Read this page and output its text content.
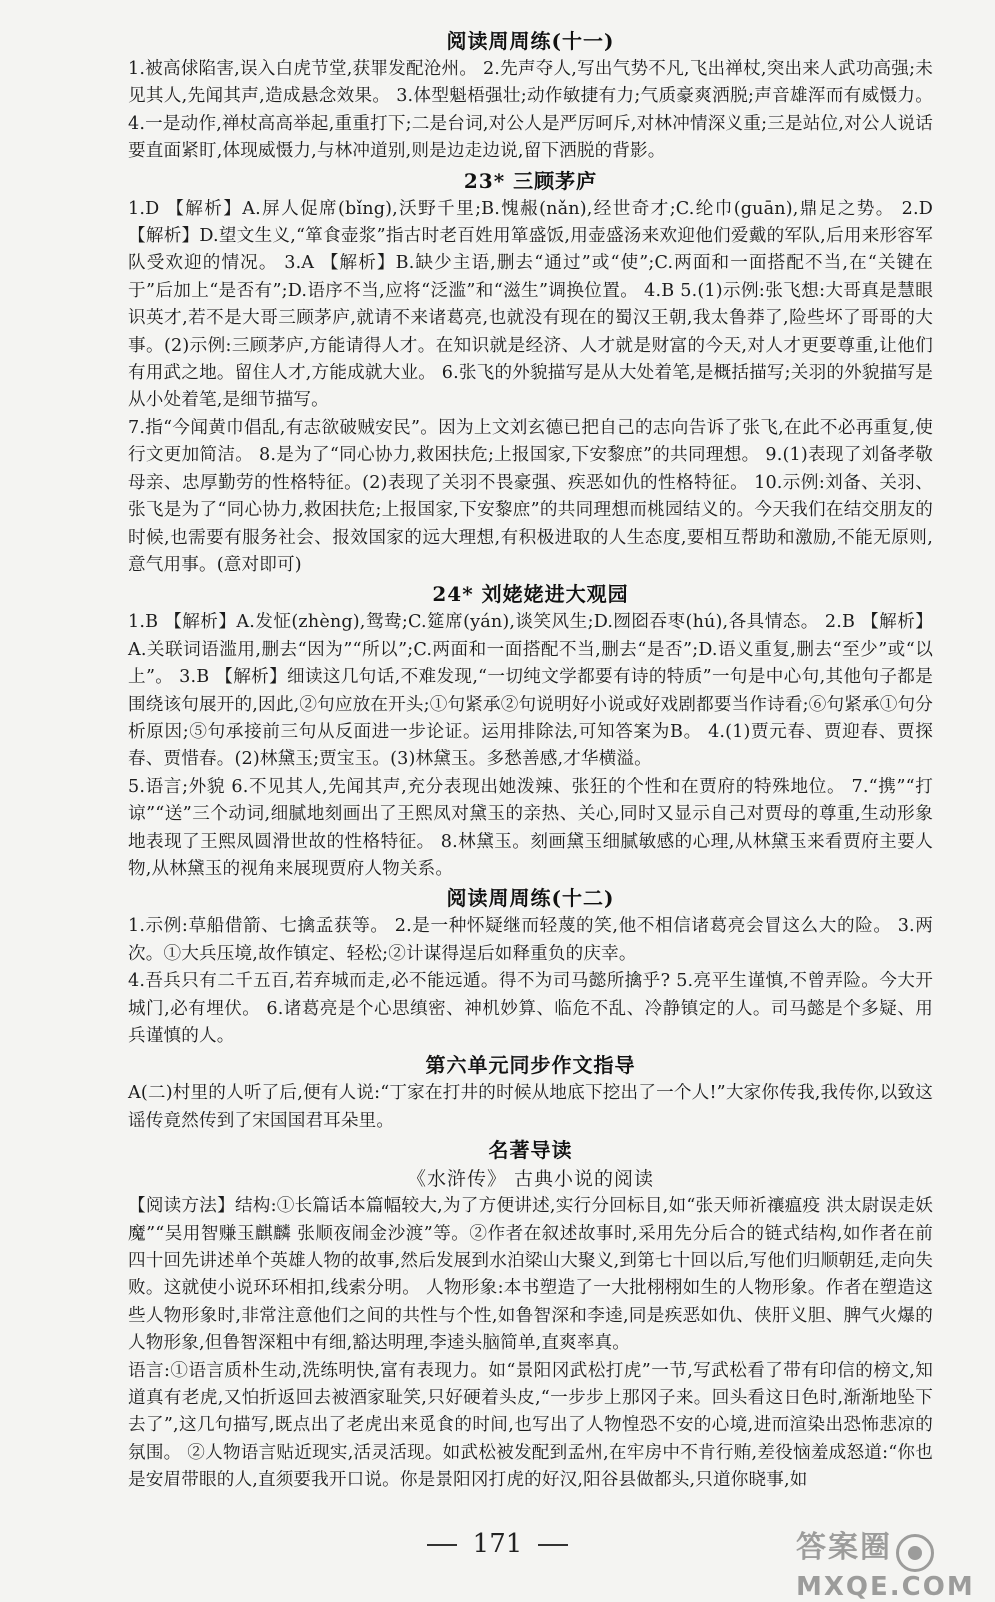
阅读周周练(十一)

1.被高俅陷害,误入白虎节堂,获罪发配沧州。 2.先声夺人,写出气势不凡,飞出禅杖,突出来人武功高强;未见其人,先闻其声,造成悬念效果。 3.体型魁梧强壮;动作敏捷有力;气质豪爽洒脱;声音雄浑而有威慑力。 4.一是动作,禅杖高高举起,重重打下;二是台词,对公人是严厉呵斥,对林冲情深义重;三是站位,对公人说话要直面紧盯,体现威慑力,与林冲道别,则是边走边说,留下洒脱的背影。

23* 三顾茅庐

1.D 【解析】A.屏人促席(bǐng),沃野千里;B.愧赧(nǎn),经世奇才;C.纶巾(guān),鼎足之势。 2.D 【解析】D.望文生义,“箪食壶浆”指古时老百姓用箪盛饭,用壶盛汤来欢迎他们爱戴的军队,后用来形容军队受欢迎的情况。 3.A 【解析】B.缺少主语,删去“通过”或“使”;C.两面和一面搭配不当,在“关键在于”后加上“是否有”;D.语序不当,应将“泛滥”和“滋生”调换位置。 4.B 5.(1)示例:张飞想:大哥真是慧眼识英才,若不是大哥三顾茅庐,就请不来诸葛亮,也就没有现在的蜀汉王朝,我太鲁莽了,险些坏了哥哥的大事。(2)示例:三顾茅庐,方能请得人才。在知识就是经济、人才就是财富的今天,对人才更要尊重,让他们有用武之地。留住人才,方能成就大业。 6.张飞的外貌描写是从大处着笔,是概括描写;关羽的外貌描写是从小处着笔,是细节描写。

7.指“今闻黄巾倡乱,有志欲破贼安民”。因为上文刘玄德已把自己的志向告诉了张飞,在此不必再重复,使行文更加简洁。 8.是为了“同心协力,救困扶危;上报国家,下安黎庶”的共同理想。 9.(1)表现了刘备孝敬母亲、忠厚勤劳的性格特征。(2)表现了关羽不畏豪强、疾恶如仇的性格特征。 10.示例:刘备、关羽、张飞是为了“同心协力,救困扶危;上报国家,下安黎庶”的共同理想而桃园结义的。今天我们在结交朋友的时候,也需要有服务社会、报效国家的远大理想,有积极进取的人生态度,要相互帮助和激励,不能无原则,意气用事。(意对即可)

24* 刘姥姥进大观园

1.B 【解析】A.发怔(zhèng),鸳鸯;C.筵席(yán),谈笑风生;D.囫囵吞枣(hú),各具情态。 2.B 【解析】A.关联词语滥用,删去“因为”“所以”;C.两面和一面搭配不当,删去“是否”;D.语义重复,删去“至少”或“以上”。 3.B 【解析】细读这几句话,不难发现,“一切纯文学都要有诗的特质”一句是中心句,其他句子都是围绕该句展开的,因此,②句应放在开头;①句紧承②句说明好小说或好戏剧都要当作诗看;⑥句紧承①句分析原因;⑤句承接前三句从反面进一步论证。运用排除法,可知答案为B。 4.(1)贾元春、贾迎春、贾探春、贾惜春。(2)林黛玉;贾宝玉。(3)林黛玉。多愁善感,才华横溢。

5.语言;外貌 6.不见其人,先闻其声,充分表现出她泼辣、张狂的个性和在贾府的特殊地位。 7.“携”“打谅”“送”三个动词,细腻地刻画出了王熙凤对黛玉的亲热、关心,同时又显示自己对贾母的尊重,生动形象地表现了王熙凤圆滑世故的性格特征。 8.林黛玉。刻画黛玉细腻敏感的心理,从林黛玉来看贾府主要人物,从林黛玉的视角来展现贾府人物关系。

阅读周周练(十二)

1.示例:草船借箭、七擒孟获等。 2.是一种怀疑继而轻蔑的笑,他不相信诸葛亮会冒这么大的险。 3.两次。①大兵压境,故作镇定、轻松;②计谋得逞后如释重负的庆幸。

4.吾兵只有二千五百,若弃城而走,必不能远遁。得不为司马懿所擒乎? 5.亮平生谨慎,不曾弄险。今大开城门,必有埋伏。 6.诸葛亮是个心思缜密、神机妙算、临危不乱、冷静镇定的人。司马懿是个多疑、用兵谨慎的人。

第六单元同步作文指导

A(二)村里的人听了后,便有人说:“丁家在打井的时候从地底下挖出了一个人!”大家你传我,我传你,以致这谣传竟然传到了宋国国君耳朵里。

名著导读

《水浒传》 古典小说的阅读

【阅读方法】结构:①长篇话本篇幅较大,为了方便讲述,实行分回标目,如“张天师祈禳瘟疫 洪太尉误走妖魔”“吴用智赚玉麒麟 张顺夜闹金沙渡”等。②作者在叙述故事时,采用先分后合的链式结构,如作者在前四十回先讲述单个英雄人物的故事,然后发展到水泊梁山大聚义,到第七十回以后,写他们归顺朝廷,走向失败。这就使小说环环相扣,线索分明。 人物形象:本书塑造了一大批栩栩如生的人物形象。作者在塑造这些人物形象时,非常注意他们之间的共性与个性,如鲁智深和李逵,同是疾恶如仇、侠肝义胆、脾气火爆的人物形象,但鲁智深粗中有细,豁达明理,李逵头脑简单,直爽率真。

语言:①语言质朴生动,洗练明快,富有表现力。如“景阳冈武松打虎”一节,写武松看了带有印信的榜文,知道真有老虎,又怕折返回去被酒家耻笑,只好硬着头皮,“一步步上那冈子来。回头看这日色时,渐渐地坠下去了”,这几句描写,既点出了老虎出来觅食的时间,也写出了人物惶恐不安的心境,进而渲染出恐怖悲凉的氛围。 ②人物语言贴近现实,活灵活现。如武松被发配到孟州,在牢房中不肯行贿,差役恼羞成怒道:“你也是安眉带眼的人,直须要我开口说。你是景阳冈打虎的好汉,阳谷县做都头,只道你晓事,如

171	答案圈
MXQE.COM
